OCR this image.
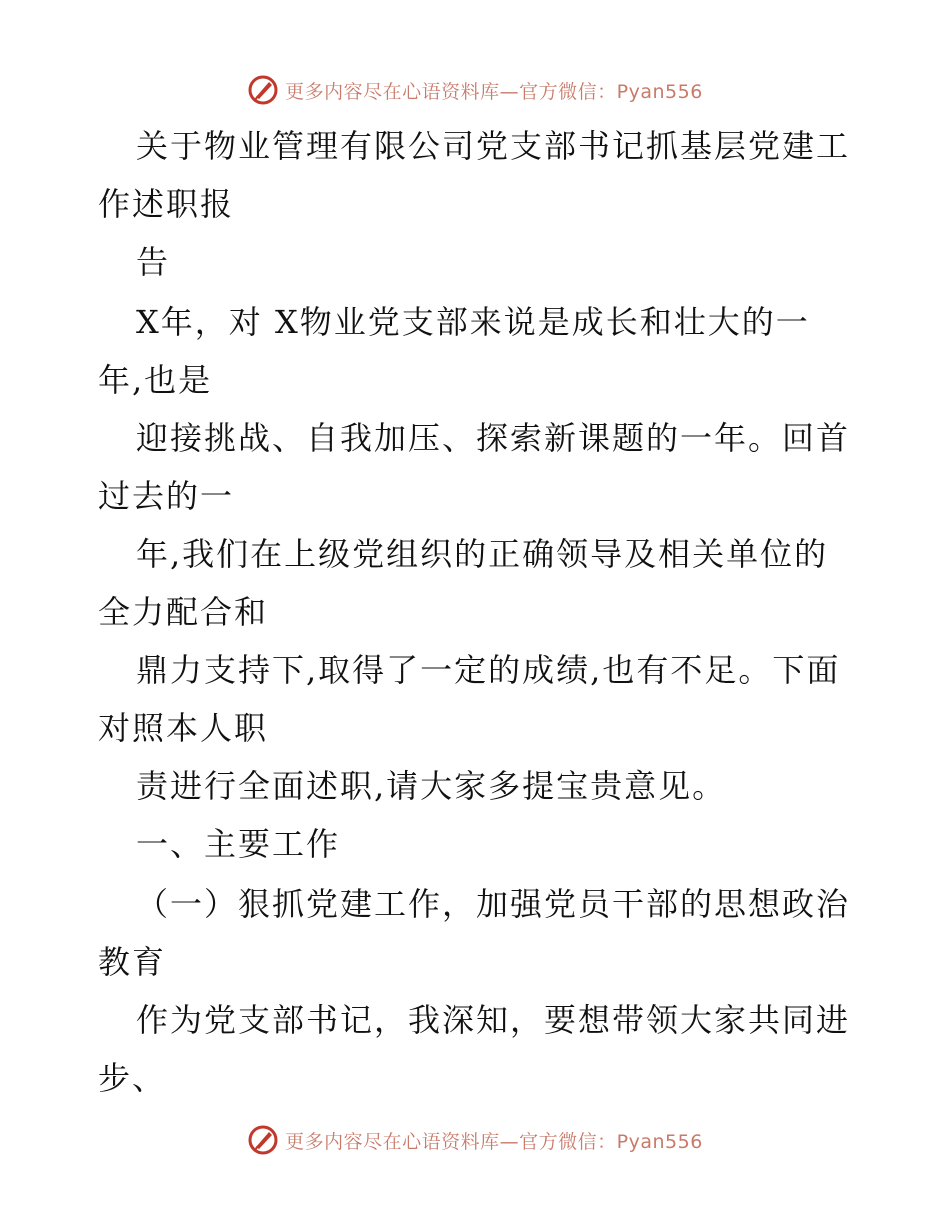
更多内容尽在心语资料库—官方微信：Pyan556
关于物业管理有限公司党支部书记抓基层党建工
作述职报
告
X年，对 X物业党支部来说是成长和壮大的一
年,也是
迎接挑战、自我加压、探索新课题的一年。回首
过去的一
年,我们在上级党组织的正确领导及相关单位的
全力配合和
鼎力支持下,取得了一定的成绩,也有不足。下面
对照本人职
责进行全面述职,请大家多提宝贵意见。
一、主要工作
（一）狠抓党建工作，加强党员干部的思想政治
教育
作为党支部书记，我深知，要想带领大家共同进
步、
更多内容尽在心语资料库—官方微信：Pyan556
